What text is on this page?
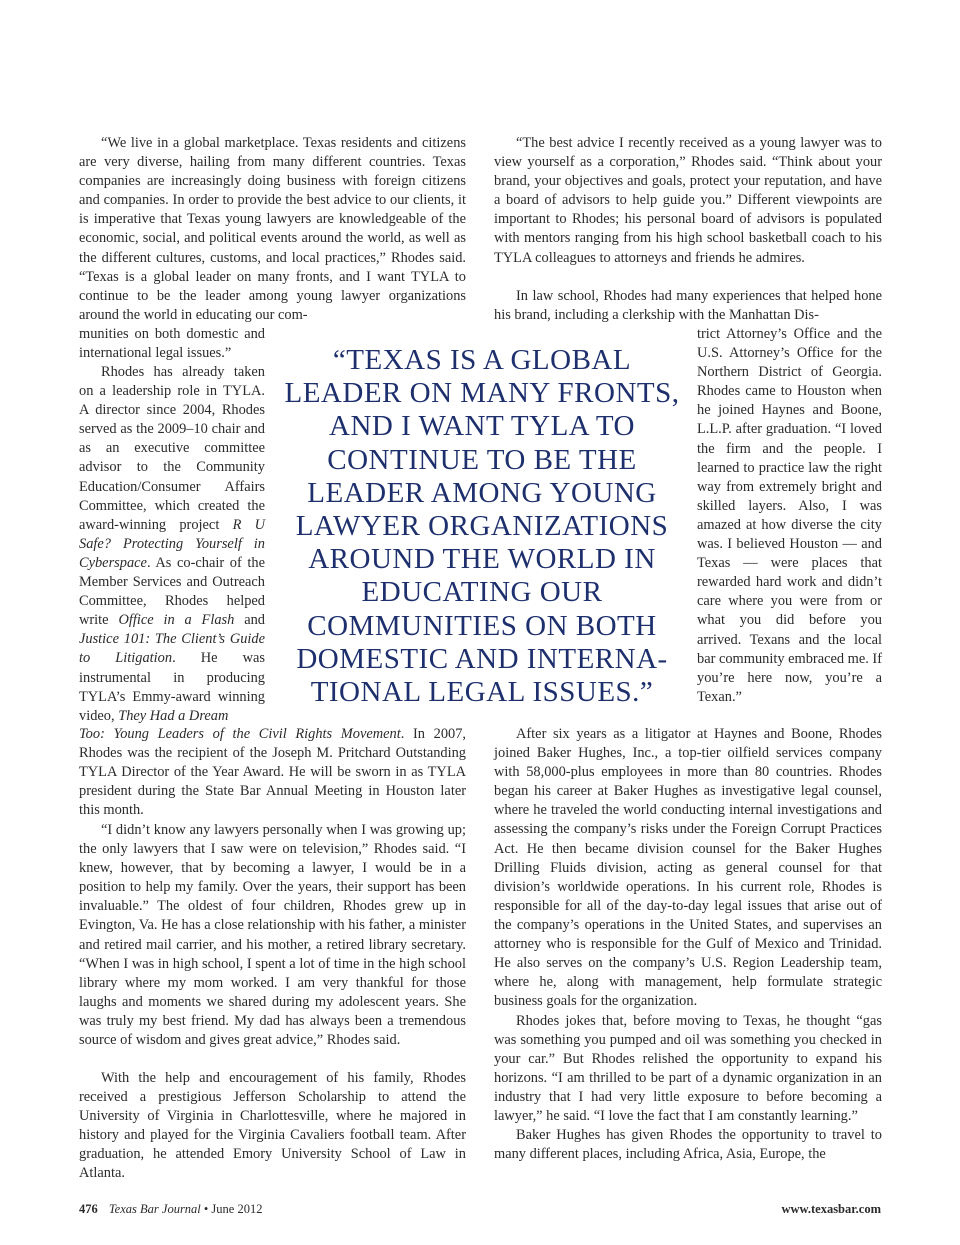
“We live in a global marketplace. Texas residents and citizens are very diverse, hailing from many different countries. Texas companies are increasingly doing business with foreign citizens and companies. In order to provide the best advice to our clients, it is imperative that Texas young lawyers are knowledgeable of the economic, social, and political events around the world, as well as the different cultures, customs, and local practices,” Rhodes said. “Texas is a global leader on many fronts, and I want TYLA to continue to be the leader among young lawyer organizations around the world in educating our com-

munities on both domestic and international legal issues.”

Rhodes has already taken on a leadership role in TYLA. A director since 2004, Rhodes served as the 2009–10 chair and as an executive committee advisor to the Community Education/Consumer Affairs Committee, which created the award-winning project R U Safe? Protecting Yourself in Cyberspace. As co-chair of the Member Services and Outreach Committee, Rhodes helped write Office in a Flash and Justice 101: The Client’s Guide to Litigation. He was instrumental in producing TYLA’s Emmy-award winning video, They Had a Dream

Too: Young Leaders of the Civil Rights Movement. In 2007, Rhodes was the recipient of the Joseph M. Pritchard Outstanding TYLA Director of the Year Award. He will be sworn in as TYLA president during the State Bar Annual Meeting in Houston later this month.

“I didn’t know any lawyers personally when I was growing up; the only lawyers that I saw were on television,” Rhodes said. “I knew, however, that by becoming a lawyer, I would be in a position to help my family. Over the years, their support has been invaluable.” The oldest of four children, Rhodes grew up in Evington, Va. He has a close relationship with his father, a minister and retired mail carrier, and his mother, a retired library secretary. “When I was in high school, I spent a lot of time in the high school library where my mom worked. I am very thankful for those laughs and moments we shared during my adolescent years. She was truly my best friend. My dad has always been a tremendous source of wisdom and gives great advice,” Rhodes said.

With the help and encouragement of his family, Rhodes received a prestigious Jefferson Scholarship to attend the University of Virginia in Charlottesville, where he majored in history and played for the Virginia Cavaliers football team. After graduation, he attended Emory University School of Law in Atlanta.

“TEXAS IS A GLOBAL LEADER ON MANY FRONTS, AND I WANT TYLA TO CONTINUE TO BE THE LEADER AMONG YOUNG LAWYER ORGANIZATIONS AROUND THE WORLD IN EDUCATING OUR COMMUNITIES ON BOTH DOMESTIC AND INTERNA- TIONAL LEGAL ISSUES.”

“The best advice I recently received as a young lawyer was to view yourself as a corporation,” Rhodes said. “Think about your brand, your objectives and goals, protect your reputation, and have a board of advisors to help guide you.” Different viewpoints are important to Rhodes; his personal board of advisors is populated with mentors ranging from his high school basketball coach to his TYLA colleagues to attorneys and friends he admires.

In law school, Rhodes had many experiences that helped hone his brand, including a clerkship with the Manhattan Dis-

trict Attorney’s Office and the U.S. Attorney’s Office for the Northern District of Georgia. Rhodes came to Houston when he joined Haynes and Boone, L.L.P. after graduation. “I loved the firm and the people. I learned to practice law the right way from extremely bright and skilled layers. Also, I was amazed at how diverse the city was. I believed Houston — and Texas — were places that rewarded hard work and didn’t care where you were from or what you did before you arrived. Texans and the local bar community embraced me. If you’re here now, you’re a Texan.”

After six years as a litigator at Haynes and Boone, Rhodes joined Baker Hughes, Inc., a top-tier oilfield services company with 58,000-plus employees in more than 80 countries. Rhodes began his career at Baker Hughes as investigative legal counsel, where he traveled the world conducting internal investigations and assessing the company’s risks under the Foreign Corrupt Practices Act. He then became division counsel for the Baker Hughes Drilling Fluids division, acting as general counsel for that division’s worldwide operations. In his current role, Rhodes is responsible for all of the day-to-day legal issues that arise out of the company’s operations in the United States, and supervises an attorney who is responsible for the Gulf of Mexico and Trinidad. He also serves on the company’s U.S. Region Leadership team, where he, along with management, help formulate strategic business goals for the organization.

Rhodes jokes that, before moving to Texas, he thought “gas was something you pumped and oil was something you checked in your car.” But Rhodes relished the opportunity to expand his horizons. “I am thrilled to be part of a dynamic organization in an industry that I had very little exposure to before becoming a lawyer,” he said. “I love the fact that I am constantly learning.”

Baker Hughes has given Rhodes the opportunity to travel to many different places, including Africa, Asia, Europe, the

476 Texas Bar Journal • June 2012	www.texasbar.com
